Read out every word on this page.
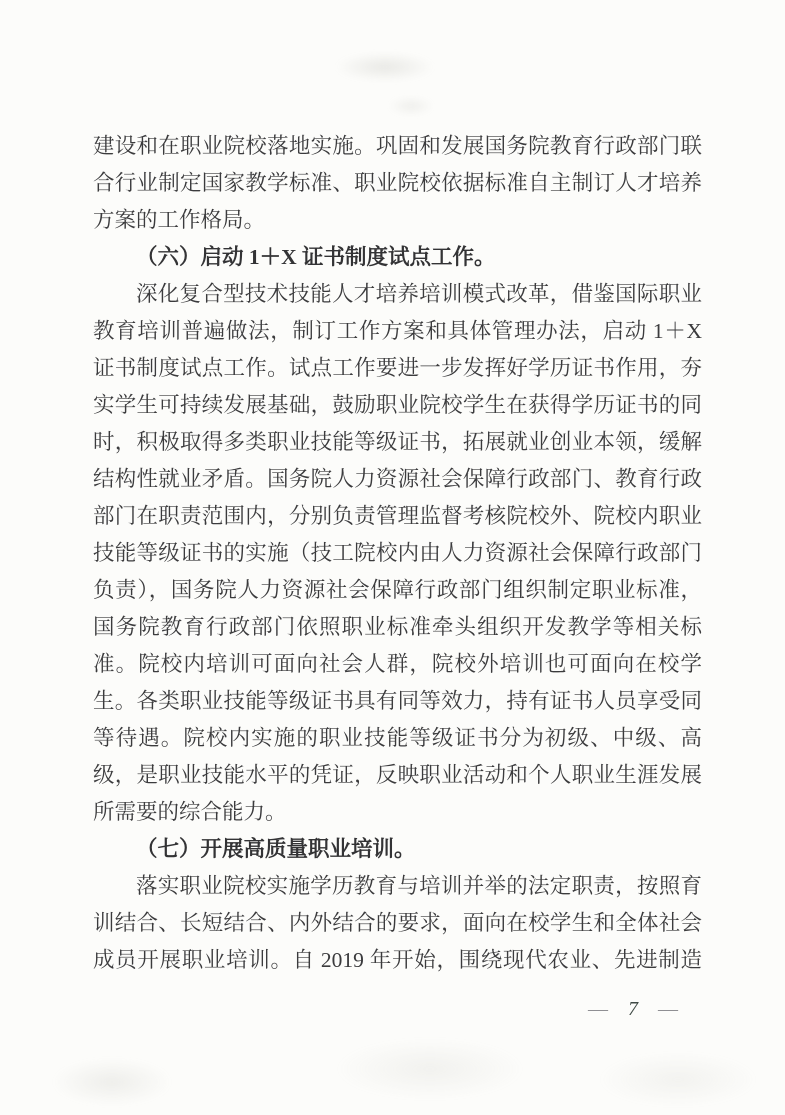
建设和在职业院校落地实施。巩固和发展国务院教育行政部门联
合行业制定国家教学标准、职业院校依据标准自主制订人才培养
方案的工作格局。
（六）启动 1＋X 证书制度试点工作。
深化复合型技术技能人才培养培训模式改革，借鉴国际职业
教育培训普遍做法，制订工作方案和具体管理办法，启动 1＋X
证书制度试点工作。试点工作要进一步发挥好学历证书作用，夯
实学生可持续发展基础，鼓励职业院校学生在获得学历证书的同
时，积极取得多类职业技能等级证书，拓展就业创业本领，缓解
结构性就业矛盾。国务院人力资源社会保障行政部门、教育行政
部门在职责范围内，分别负责管理监督考核院校外、院校内职业
技能等级证书的实施（技工院校内由人力资源社会保障行政部门
负责），国务院人力资源社会保障行政部门组织制定职业标准，
国务院教育行政部门依照职业标准牵头组织开发教学等相关标
准。院校内培训可面向社会人群，院校外培训也可面向在校学
生。各类职业技能等级证书具有同等效力，持有证书人员享受同
等待遇。院校内实施的职业技能等级证书分为初级、中级、高
级，是职业技能水平的凭证，反映职业活动和个人职业生涯发展
所需要的综合能力。
（七）开展高质量职业培训。
落实职业院校实施学历教育与培训并举的法定职责，按照育
训结合、长短结合、内外结合的要求，面向在校学生和全体社会
成员开展职业培训。自 2019 年开始，围绕现代农业、先进制造
— 7 —
